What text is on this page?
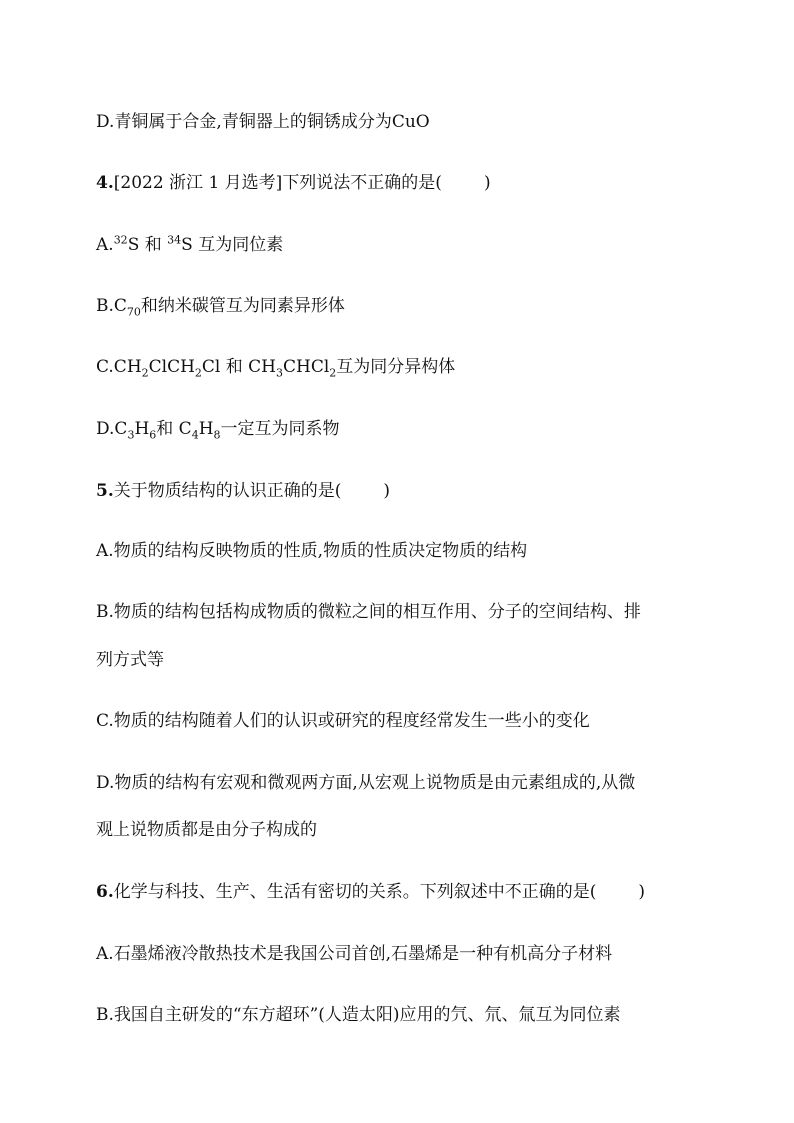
D.青铜属于合金,青铜器上的铜锈成分为CuO
4.[2022 浙江 1 月选考]下列说法不正确的是( )
A.$^{32}$S 和 $^{34}$S 互为同位素
$B.C_{70}$和纳米碳管互为同素异形体
$C.CH_2ClCH_2Cl$ 和 $CH_3CHCl_2$互为同分异构体
$D.C_3H_6$和 $C_4H_8$一定互为同系物
5.关于物质结构的认识正确的是( )
A.物质的结构反映物质的性质,物质的性质决定物质的结构
B.物质的结构包括构成物质的微粒之间的相互作用、分子的空间结构、排
列方式等
C.物质的结构随着人们的认识或研究的程度经常发生一些小的变化
D.物质的结构有宏观和微观两方面,从宏观上说物质是由元素组成的,从微
观上说物质都是由分子构成的
6.化学与科技、生产、生活有密切的关系。下列叙述中不正确的是( )
A.石墨烯液冷散热技术是我国公司首创,石墨烯是一种有机高分子材料
B.我国自主研发的“东方超环”(人造太阳)应用的氕、氘、氚互为同位素
